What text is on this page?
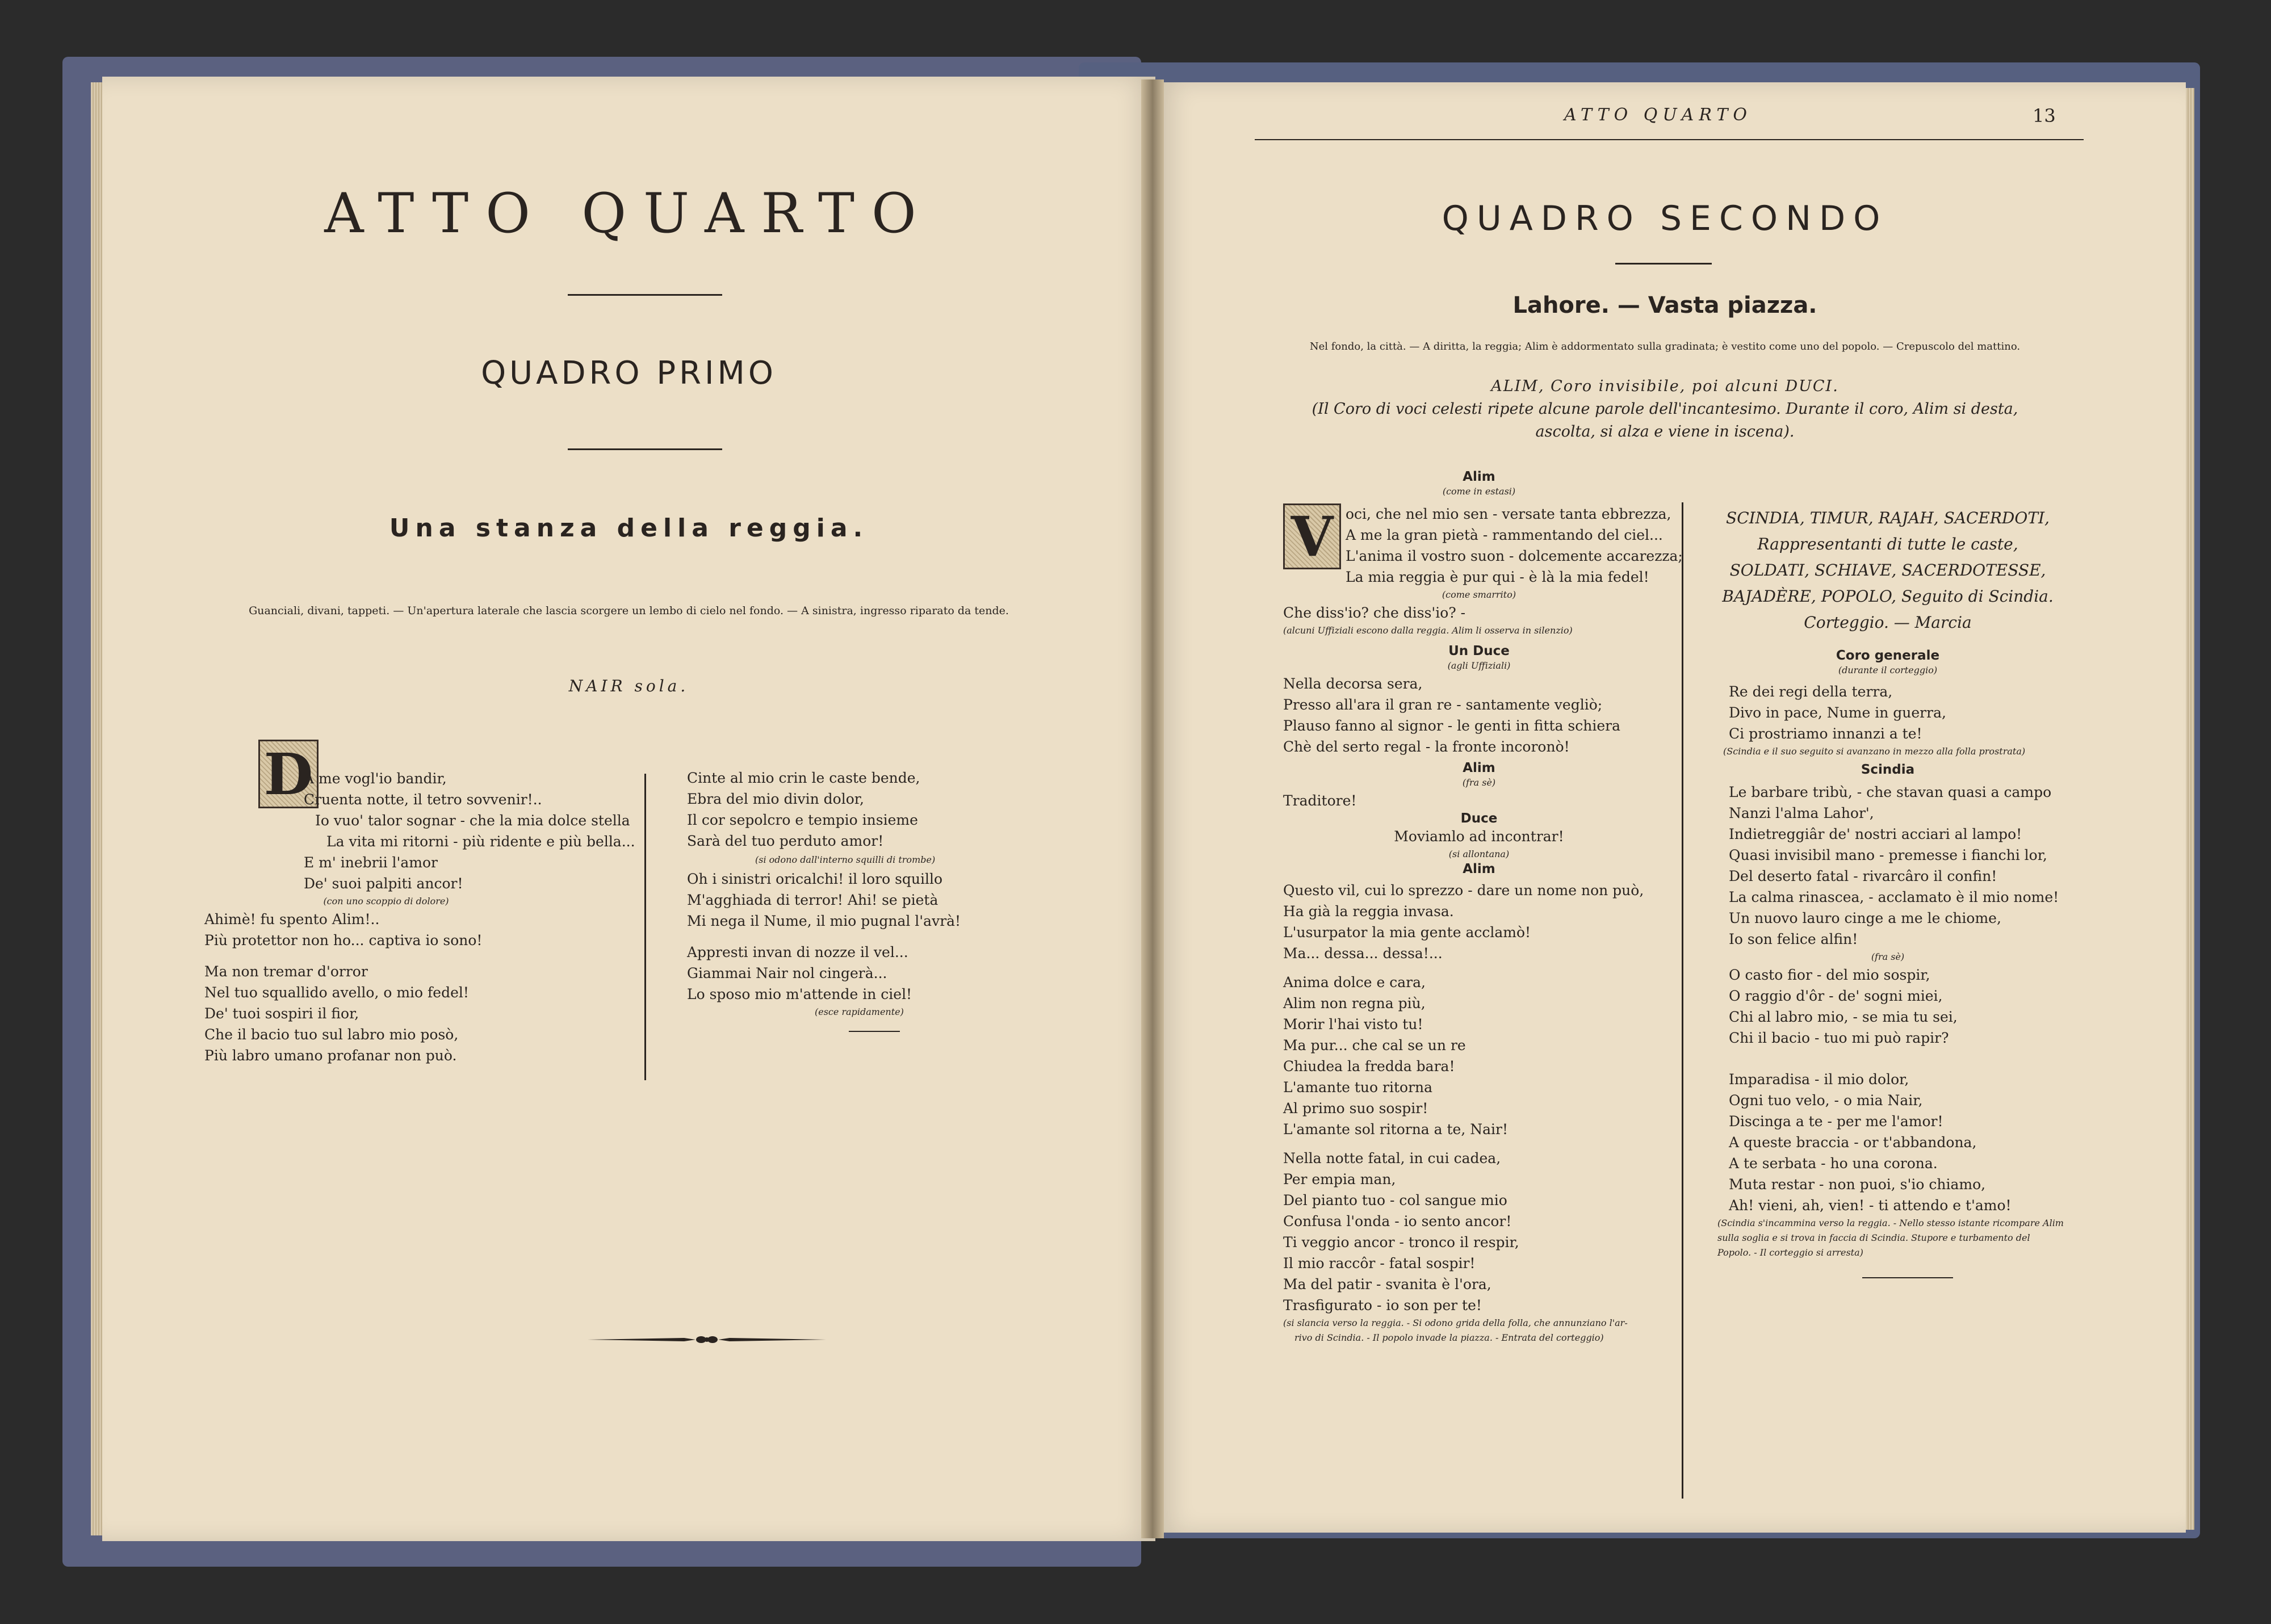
ATTO QUARTO
QUADRO PRIMO
Una stanza della reggia.
Guanciali, divani, tappeti. — Un'apertura laterale che lascia scorgere un lembo di cielo nel fondo. — A sinistra, ingresso riparato da tende.
NAIR sola.
D
A me vogl'io bandir,
Cruenta notte, il tetro sovvenir!..
Io vuo' talor sognar - che la mia dolce stella
La vita mi ritorni - più ridente e più bella...
E m' inebrii l'amor
De' suoi palpiti ancor!
(con uno scoppio di dolore)
Ahimè! fu spento Alim!..
Più protettor non ho... captiva io sono!
Ma non tremar d'orror
Nel tuo squallido avello, o mio fedel!
De' tuoi sospiri il fior,
Che il bacio tuo sul labro mio posò,
Più labro umano profanar non può.
Cinte al mio crin le caste bende,
Ebra del mio divin dolor,
Il cor sepolcro e tempio insieme
Sarà del tuo perduto amor!
(si odono dall'interno squilli di trombe)
Oh i sinistri oricalchi! il loro squillo
M'agghiada di terror! Ahi! se pietà
Mi nega il Nume, il mio pugnal l'avrà!
Appresti invan di nozze il vel...
Giammai Nair nol cingerà...
Lo sposo mio m'attende in ciel!
(esce rapidamente)
ATTO QUARTO	13
QUADRO SECONDO
Lahore. — Vasta piazza.
Nel fondo, la città. — A diritta, la reggia; Alim è addormentato sulla gradinata; è vestito come uno del popolo. — Crepuscolo del mattino.
ALIM, Coro invisibile, poi alcuni DUCI.
(Il Coro di voci celesti ripete alcune parole dell'incantesimo. Durante il coro, Alim si desta,
ascolta, si alza e viene in iscena).
Alim
(come in estasi)
V oci, che nel mio sen - versate tanta ebbrezza,
A me la gran pietà - rammentando del ciel...
L'anima il vostro suon - dolcemente accarezza;
La mia reggia è pur qui - è là la mia fedel!
(come smarrito)
Che diss'io? che diss'io? -
(alcuni Uffiziali escono dalla reggia. Alim li osserva in silenzio)
Un Duce
(agli Uffiziali)
Nella decorsa sera,
Presso all'ara il gran re - santamente vegliò;
Plauso fanno al signor - le genti in fitta schiera
Chè del serto regal - la fronte incoronò!
Alim
(fra sè)
Traditore!
Duce
Moviamlo ad incontrar!
(si allontana)
Alim
Questo vil, cui lo sprezzo - dare un nome non può,
Ha già la reggia invasa.
L'usurpator la mia gente acclamò!
Ma... dessa... dessa!...
Anima dolce e cara,
Alim non regna più,
Morir l'hai visto tu!
Ma pur... che cal se un re
Chiudea la fredda bara!
L'amante tuo ritorna
Al primo suo sospir!
L'amante sol ritorna a te, Nair!
Nella notte fatal, in cui cadea,
Per empia man,
Del pianto tuo - col sangue mio
Confusa l'onda - io sento ancor!
Ti veggio ancor - tronco il respir,
Il mio raccôr - fatal sospir!
Ma del patir - svanita è l'ora,
Trasfigurato - io son per te!
(si slancia verso la reggia. - Si odono grida della folla, che annunziano l'ar-
rivo di Scindia. - Il popolo invade la piazza. - Entrata del corteggio)
SCINDIA, TIMUR, RAJAH, SACERDOTI,
Rappresentanti di tutte le caste,
SOLDATI, SCHIAVE, SACERDOTESSE,
BAJADÈRE, POPOLO, Seguito di Scindia.
Corteggio. — Marcia
Coro generale
(durante il corteggio)
Re dei regi della terra,
Divo in pace, Nume in guerra,
Ci prostriamo innanzi a te!
(Scindia e il suo seguito si avanzano in mezzo alla folla prostrata)
Scindia
Le barbare tribù, - che stavan quasi a campo
Nanzi l'alma Lahor',
Indietreggiâr de' nostri acciari al lampo!
Quasi invisibil mano - premesse i fianchi lor,
Del deserto fatal - rivarcâro il confin!
La calma rinascea, - acclamato è il mio nome!
Un nuovo lauro cinge a me le chiome,
Io son felice alfin!
(fra sè)
O casto fior - del mio sospir,
O raggio d'ôr - de' sogni miei,
Chi al labro mio, - se mia tu sei,
Chi il bacio - tuo mi può rapir?
Imparadisa - il mio dolor,
Ogni tuo velo, - o mia Nair,
Discinga a te - per me l'amor!
A queste braccia - or t'abbandona,
A te serbata - ho una corona.
Muta restar - non puoi, s'io chiamo,
Ah! vieni, ah, vien! - ti attendo e t'amo!
(Scindia s'incammina verso la reggia. - Nello stesso istante ricompare Alim
sulla soglia e si trova in faccia di Scindia. Stupore e turbamento del
Popolo. - Il corteggio si arresta)
